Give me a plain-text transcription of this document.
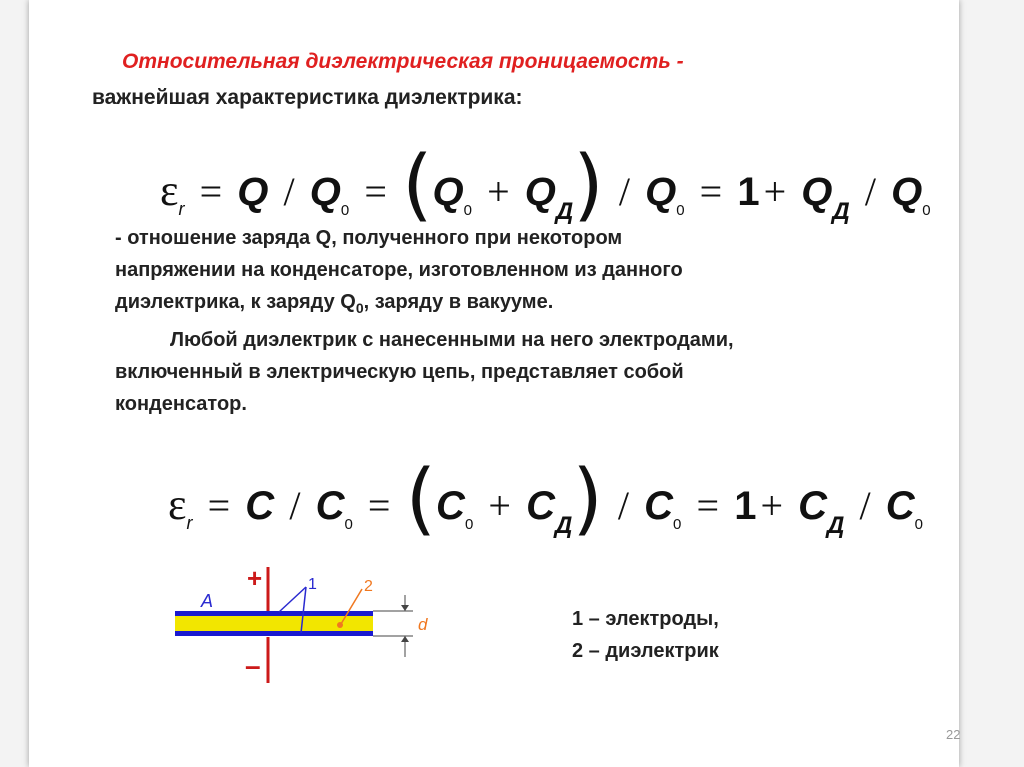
Относительная диэлектрическая проницаемость -
важнейшая характеристика диэлектрика:
$\varepsilon_r = Q / Q_0 = (Q_0 + Q_Д) / Q_0 = 1 + Q_Д / Q_0$
- отношение заряда Q, полученного при некотором
напряжении на конденсаторе, изготовленном из данного
диэлектрика, к заряду $Q_0$, заряду в вакууме.
Любой диэлектрик с нанесенными на него электродами,
включенный в электрическую цепь, представляет собой
конденсатор.
$\varepsilon_r = C / C_0 = (C_0 + C_Д) / C_0 = 1 + C_Д / C_0$
+
–
A
1	2
d	1 – электроды,
2 – диэлектрик
22
